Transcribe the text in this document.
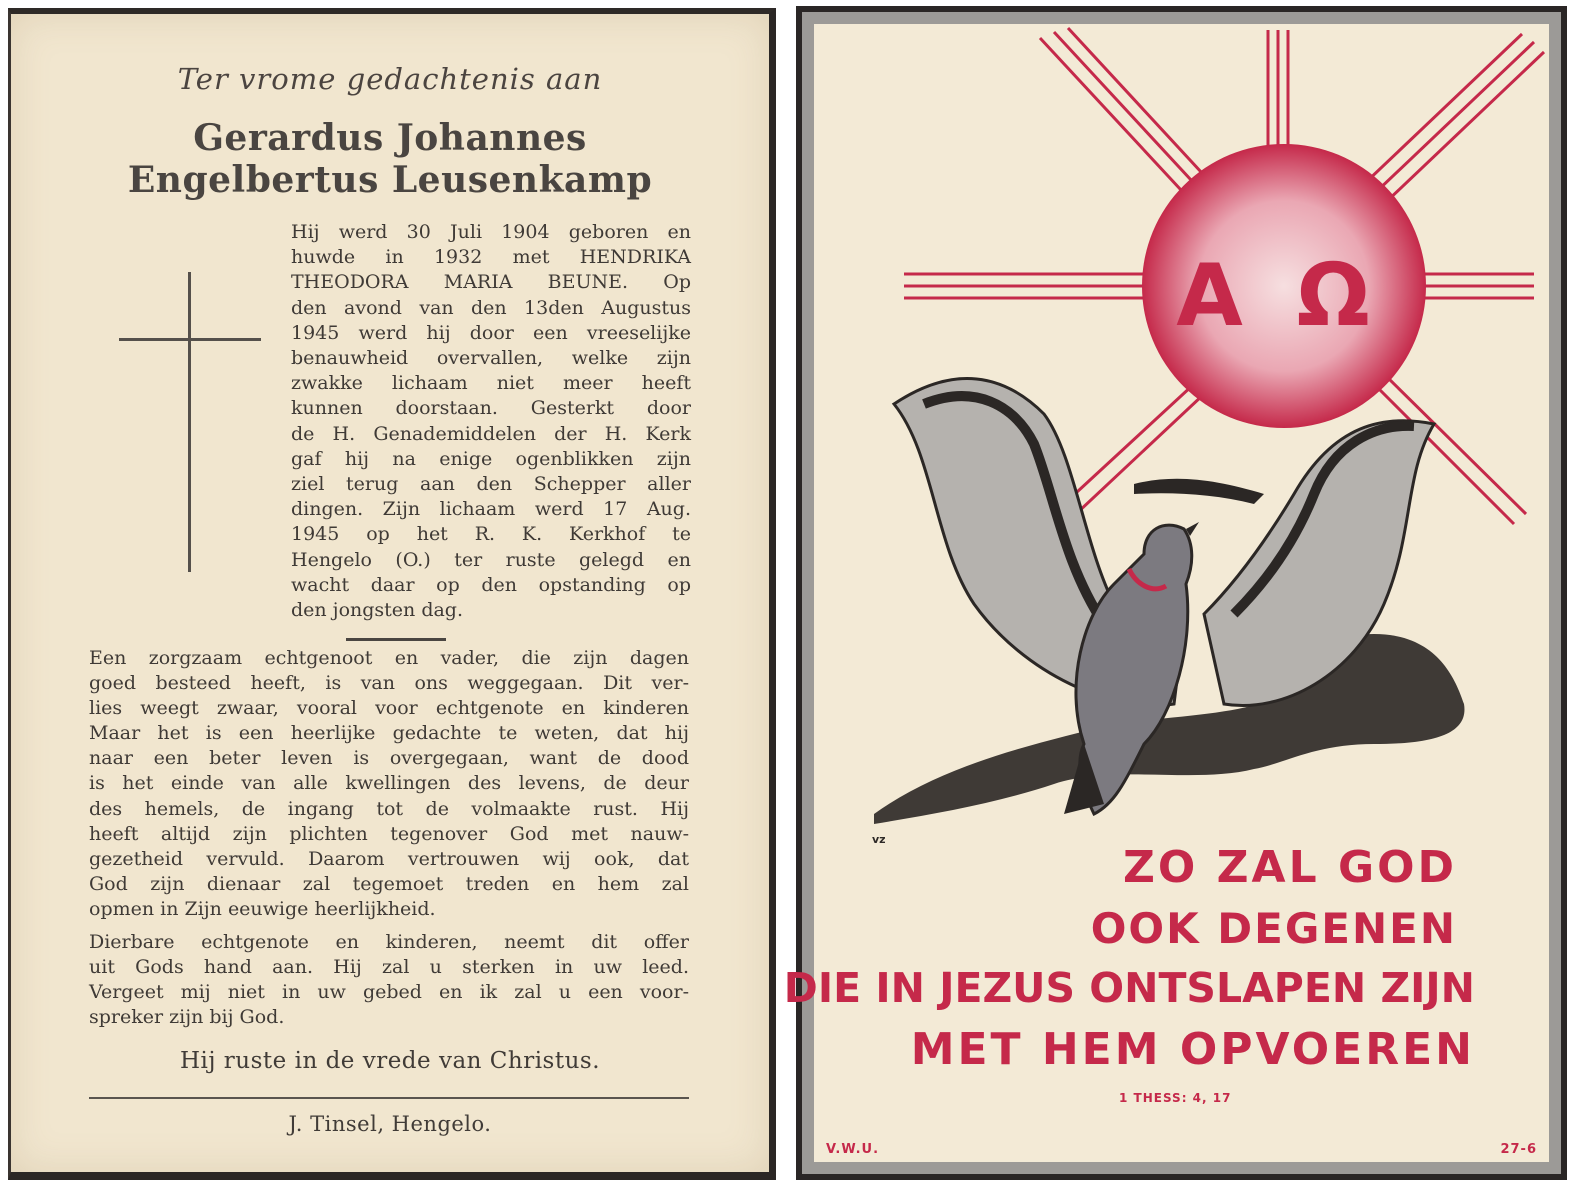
Ter vrome gedachtenis aan
Gerardus Johannes
Engelbertus Leusenkamp
Hij werd 30 Juli 1904 geboren en
huwde in 1932 met HENDRIKA
THEODORA MARIA BEUNE. Op
den avond van den 13den Augustus
1945 werd hij door een vreeselijke
benauwheid overvallen, welke zijn
zwakke lichaam niet meer heeft
kunnen doorstaan. Gesterkt door
de H. Genademiddelen der H. Kerk
gaf hij na enige ogenblikken zijn
ziel terug aan den Schepper aller
dingen. Zijn lichaam werd 17 Aug.
1945 op het R. K. Kerkhof te
Hengelo (O.) ter ruste gelegd en
wacht daar op den opstanding op
den jongsten dag.
Een zorgzaam echtgenoot en vader, die zijn dagen
goed besteed heeft, is van ons weggegaan. Dit ver-
lies weegt zwaar, vooral voor echtgenote en kinderen
Maar het is een heerlijke gedachte te weten, dat hij
naar een beter leven is overgegaan, want de dood
is het einde van alle kwellingen des levens, de deur
des hemels, de ingang tot de volmaakte rust. Hij
heeft altijd zijn plichten tegenover God met nauw-
gezetheid vervuld. Daarom vertrouwen wij ook, dat
God zijn dienaar zal tegemoet treden en hem zal
opmen in Zijn eeuwige heerlijkheid.
Dierbare echtgenote en kinderen, neemt dit offer
uit Gods hand aan. Hij zal u sterken in uw leed.
Vergeet mij niet in uw gebed en ik zal u een voor-
spreker zijn bij God.
Hij ruste in de vrede van Christus.
J. Tinsel, Hengelo.
A Ω
vz
ZO ZAL GOD
OOK DEGENEN
DIE IN JEZUS ONTSLAPEN ZIJN
MET HEM OPVOEREN
1 THESS: 4, 17
V.W.U.	27-6
